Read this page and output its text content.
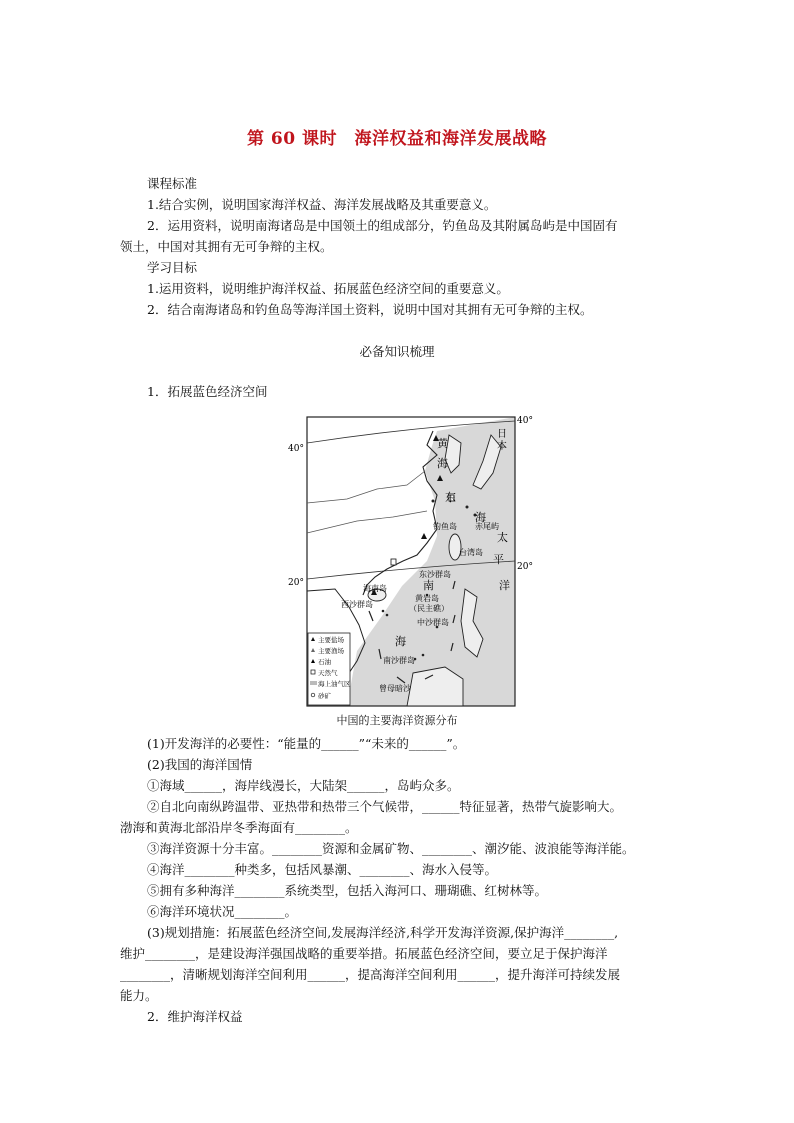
第 60 课时　海洋权益和海洋发展战略
课程标准
1.结合实例，说明国家海洋权益、海洋发展战略及其重要意义。
2．运用资料，说明南海诸岛是中国领土的组成部分，钓鱼岛及其附属岛屿是中国固有
领土，中国对其拥有无可争辩的主权。
学习目标
1.运用资料，说明维护海洋权益、拓展蓝色经济空间的重要意义。
2．结合南海诸岛和钓鱼岛等海洋国土资料，说明中国对其拥有无可争辩的主权。
必备知识梳理
1．拓展蓝色经济空间
40°
40°
20°
20°
黄
海
东
海
日
本
钓鱼岛 赤尾屿
台湾岛
太
平
洋
东沙群岛
海南岛	南
黄岩岛
（民主礁）
西沙群岛
中沙群岛
海
南沙群岛
曾母暗沙
主要盐场
主要渔场
石油
天然气
海上油气区
砂矿
中国的主要海洋资源分布
(1)开发海洋的必要性：“能量的______”“未来的______”。
(2)我国的海洋国情
①海域______，海岸线漫长，大陆架______，岛屿众多。
②自北向南纵跨温带、亚热带和热带三个气候带，______特征显著，热带气旋影响大。
渤海和黄海北部沿岸冬季海面有________。
③海洋资源十分丰富。________资源和金属矿物、________、潮汐能、波浪能等海洋能。
④海洋________种类多，包括风暴潮、________、海水入侵等。
⑤拥有多种海洋________系统类型，包括入海河口、珊瑚礁、红树林等。
⑥海洋环境状况________。
(3)规划措施：拓展蓝色经济空间,发展海洋经济,科学开发海洋资源,保护海洋________,
维护________，是建设海洋强国战略的重要举措。拓展蓝色经济空间，要立足于保护海洋
________，清晰规划海洋空间利用______，提高海洋空间利用______，提升海洋可持续发展
能力。
2．维护海洋权益
